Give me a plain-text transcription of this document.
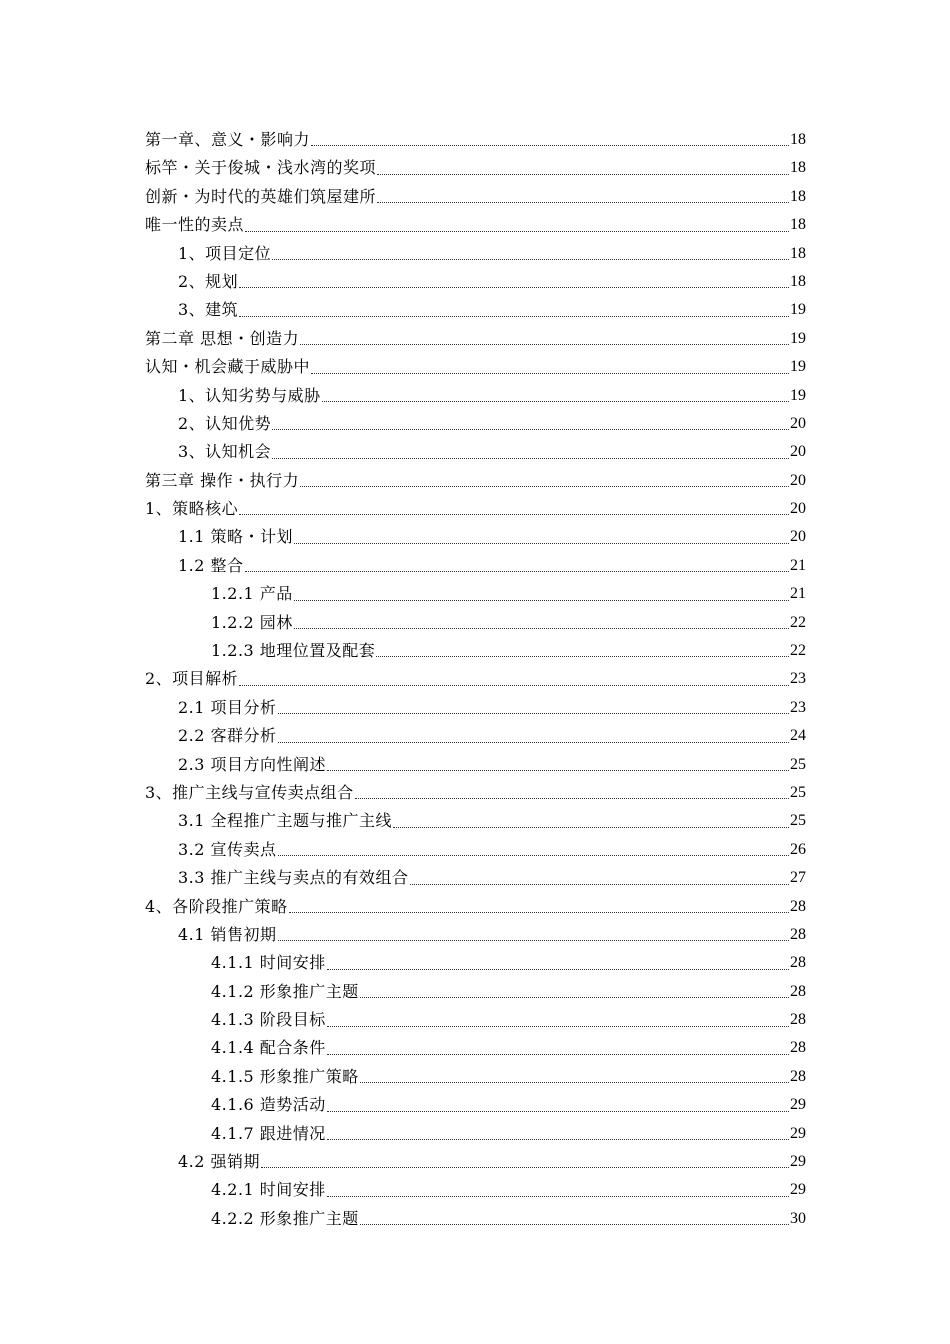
第一章、意义・影响力	18
标竿・关于俊城・浅水湾的奖项	18
创新・为时代的英雄们筑屋建所	18
唯一性的卖点	18
1、项目定位	18
2、规划	18
3、建筑	19
第二章 思想・创造力	19
认知・机会藏于威胁中	19
1、认知劣势与威胁	19
2、认知优势	20
3、认知机会	20
第三章 操作・执行力	20
1、策略核心	20
1.1 策略・计划	20
1.2 整合	21
1.2.1 产品	21
1.2.2 园林	22
1.2.3 地理位置及配套	22
2、项目解析	23
2.1 项目分析	23
2.2 客群分析	24
2.3 项目方向性阐述	25
3、推广主线与宣传卖点组合	25
3.1 全程推广主题与推广主线	25
3.2 宣传卖点	26
3.3 推广主线与卖点的有效组合	27
4、各阶段推广策略	28
4.1 销售初期	28
4.1.1 时间安排	28
4.1.2 形象推广主题	28
4.1.3 阶段目标	28
4.1.4 配合条件	28
4.1.5 形象推广策略	28
4.1.6 造势活动	29
4.1.7 跟进情况	29
4.2 强销期	29
4.2.1 时间安排	29
4.2.2 形象推广主题	30
